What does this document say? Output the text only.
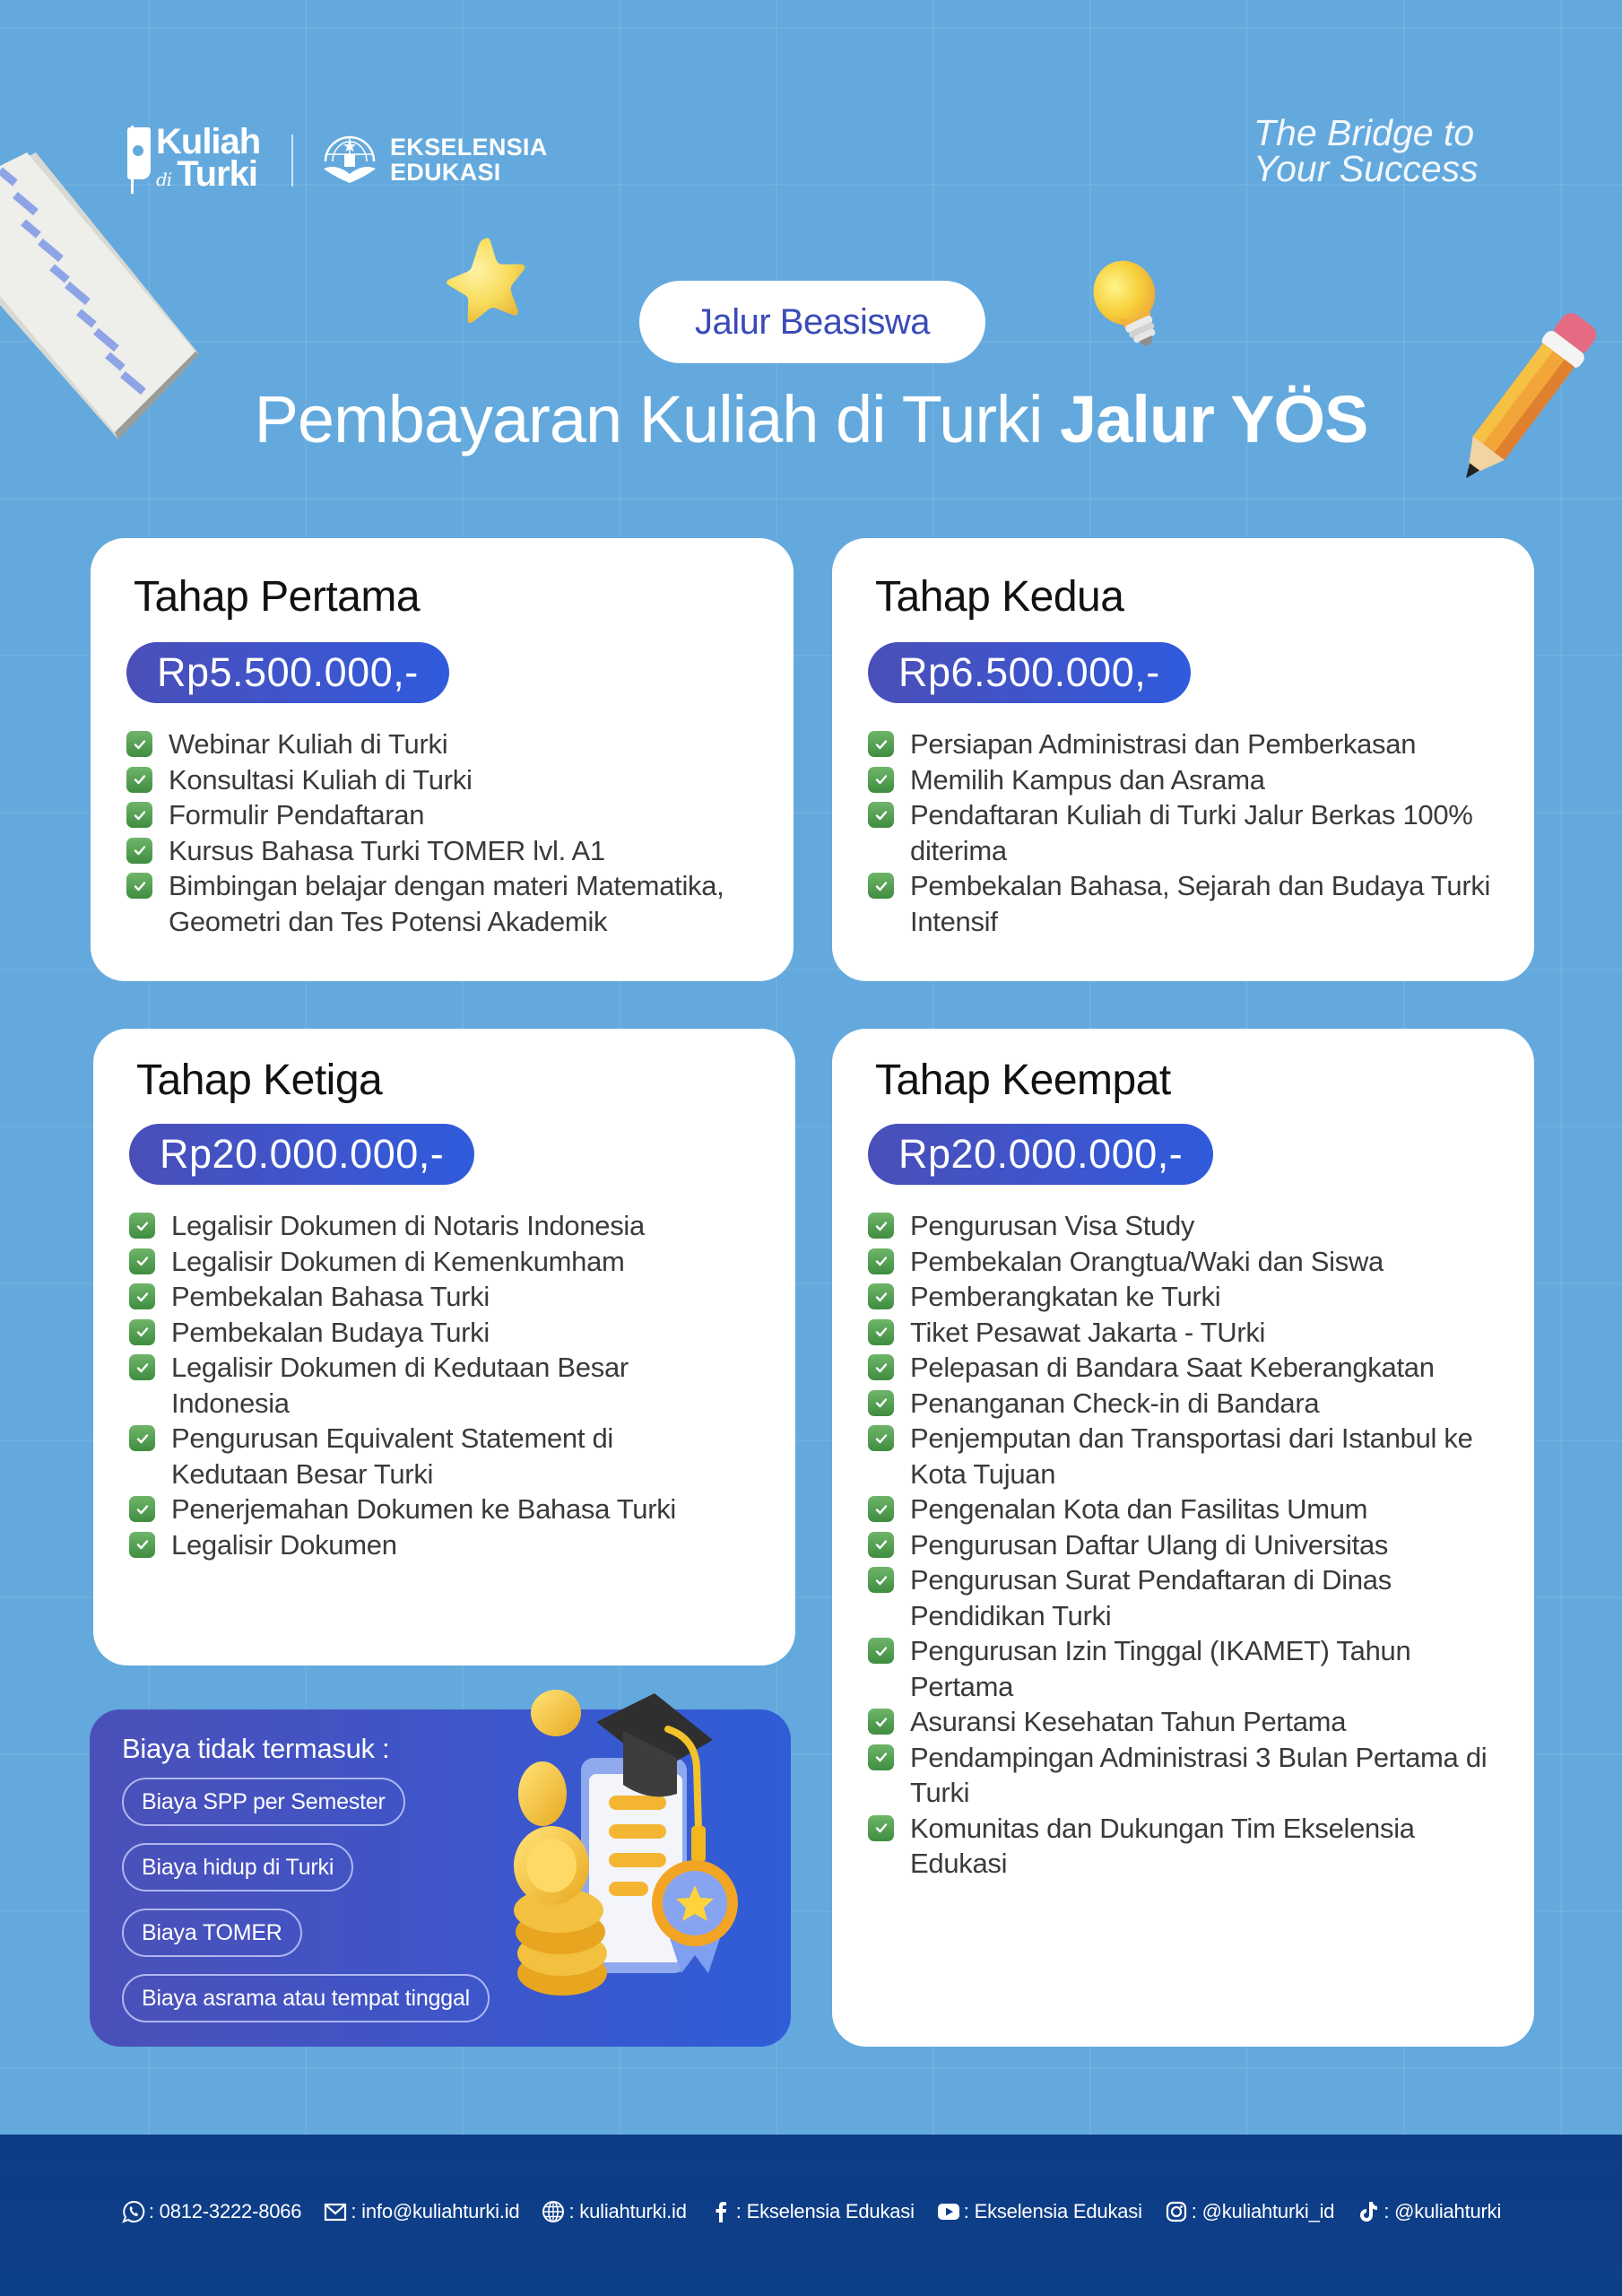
Kuliah
di Turki
EKSELENSIA
EDUKASI
The Bridge to
Your Success
Jalur Beasiswa
Pembayaran Kuliah di Turki Jalur YÖS
Tahap Pertama
Rp5.500.000,-
Webinar Kuliah di Turki
Konsultasi Kuliah di Turki
Formulir Pendaftaran
Kursus Bahasa Turki TOMER lvl. A1
Bimbingan belajar dengan materi Matematika, Geometri dan Tes Potensi Akademik
Tahap Kedua
Rp6.500.000,-
Persiapan Administrasi dan Pemberkasan
Memilih Kampus dan Asrama
Pendaftaran Kuliah di Turki Jalur Berkas 100% diterima
Pembekalan Bahasa, Sejarah dan Budaya Turki Intensif
Tahap Ketiga
Rp20.000.000,-
Legalisir Dokumen di Notaris Indonesia
Legalisir Dokumen di Kemenkumham
Pembekalan Bahasa Turki
Pembekalan Budaya Turki
Legalisir Dokumen di Kedutaan Besar Indonesia
Pengurusan Equivalent Statement di Kedutaan Besar Turki
Penerjemahan Dokumen ke Bahasa Turki
Legalisir Dokumen
Tahap Keempat
Rp20.000.000,-
Pengurusan Visa Study
Pembekalan Orangtua/Waki dan Siswa
Pemberangkatan ke Turki
Tiket Pesawat Jakarta - TUrki
Pelepasan di Bandara Saat Keberangkatan
Penanganan Check-in di Bandara
Penjemputan dan Transportasi dari Istanbul ke Kota Tujuan
Pengenalan Kota dan Fasilitas Umum
Pengurusan Daftar Ulang di Universitas
Pengurusan Surat Pendaftaran di Dinas Pendidikan Turki
Pengurusan Izin Tinggal (IKAMET) Tahun Pertama
Asuransi Kesehatan Tahun Pertama
Pendampingan Administrasi 3 Bulan Pertama di Turki
Komunitas dan Dukungan Tim Ekselensia Edukasi
Biaya tidak termasuk :
Biaya SPP per Semester
Biaya hidup di Turki
Biaya TOMER
Biaya asrama atau tempat tinggal
: 0812-3222-8066	: info@kuliahturki.id	: kuliahturki.id	: Ekselensia Edukasi	: Ekselensia Edukasi	: @kuliahturki_id	: @kuliahturki
